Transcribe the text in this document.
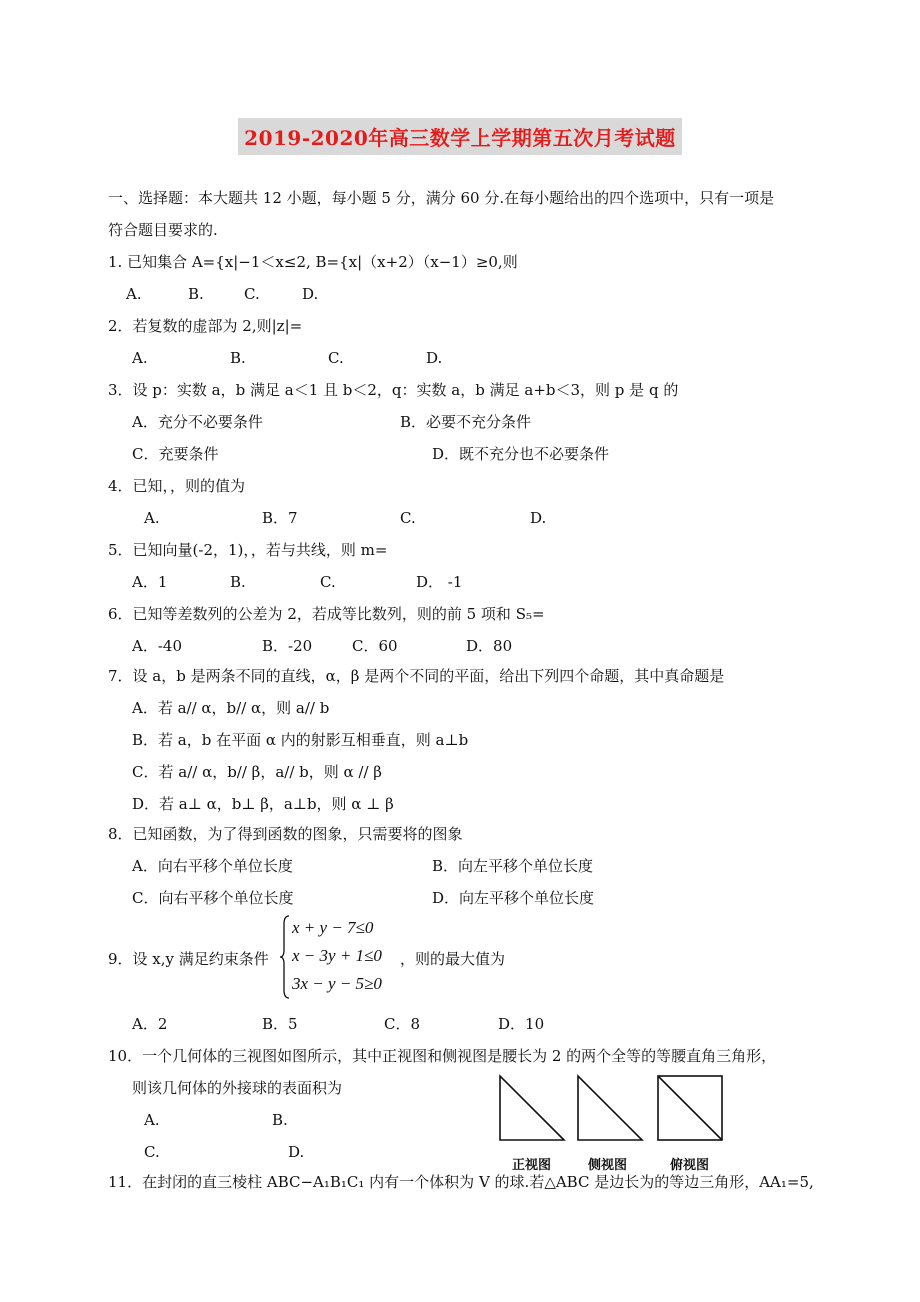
2019-2020年高三数学上学期第五次月考试题
一、选择题：本大题共 12 小题，每小题 5 分，满分 60 分.在每小题给出的四个选项中，只有一项是
符合题目要求的.
1. 已知集合 A={x|−1＜x≤2, B={x|（x+2）（x−1）≥0,则
A.	B.	C.	D.
2．若复数的虚部为 2,则|z|=
A.	B.	C.	D.
3．设 p：实数 a，b 满足 a＜1 且 b＜2，q：实数 a，b 满足 a+b＜3，则 p 是 q 的
A．充分不必要条件	B．必要不充分条件
C．充要条件	D．既不充分也不必要条件
4．已知，，则的值为
A.	B．7	C.	D.
5．已知向量(-2，1)，，若与共线，则 m=
A．1	B.	C.	D． -1
6．已知等差数列的公差为 2，若成等比数列，则的前 5 项和 S₅=
A．-40	B．-20	C．60	D．80
7．设 a，b 是两条不同的直线，α，β 是两个不同的平面，给出下列四个命题，其中真命题是
A．若 a// α，b// α，则 a// b
B．若 a，b 在平面 α 内的射影互相垂直，则 a⊥b
C．若 a// α，b// β，a// b，则 α // β
D．若 a⊥ α，b⊥ β，a⊥b，则 α ⊥ β
8．已知函数，为了得到函数的图象，只需要将的图象
A．向右平移个单位长度	B．向左平移个单位长度
C．向右平移个单位长度	D．向左平移个单位长度
9．设 x,y 满足约束条件
x + y − 7≤0
x − 3y + 1≤0
3x − y − 5≥0
，则的最大值为
A．2	B．5	C．8	D．10
10．一个几何体的三视图如图所示，其中正视图和侧视图是腰长为 2 的两个全等的等腰直角三角形，
则该几何体的外接球的表面积为
A.	B.
C.	D.
正视图	侧视图	俯视图
11．在封闭的直三棱柱 ABC−A₁B₁C₁ 内有一个体积为 V 的球.若△ABC 是边长为的等边三角形，AA₁=5,
